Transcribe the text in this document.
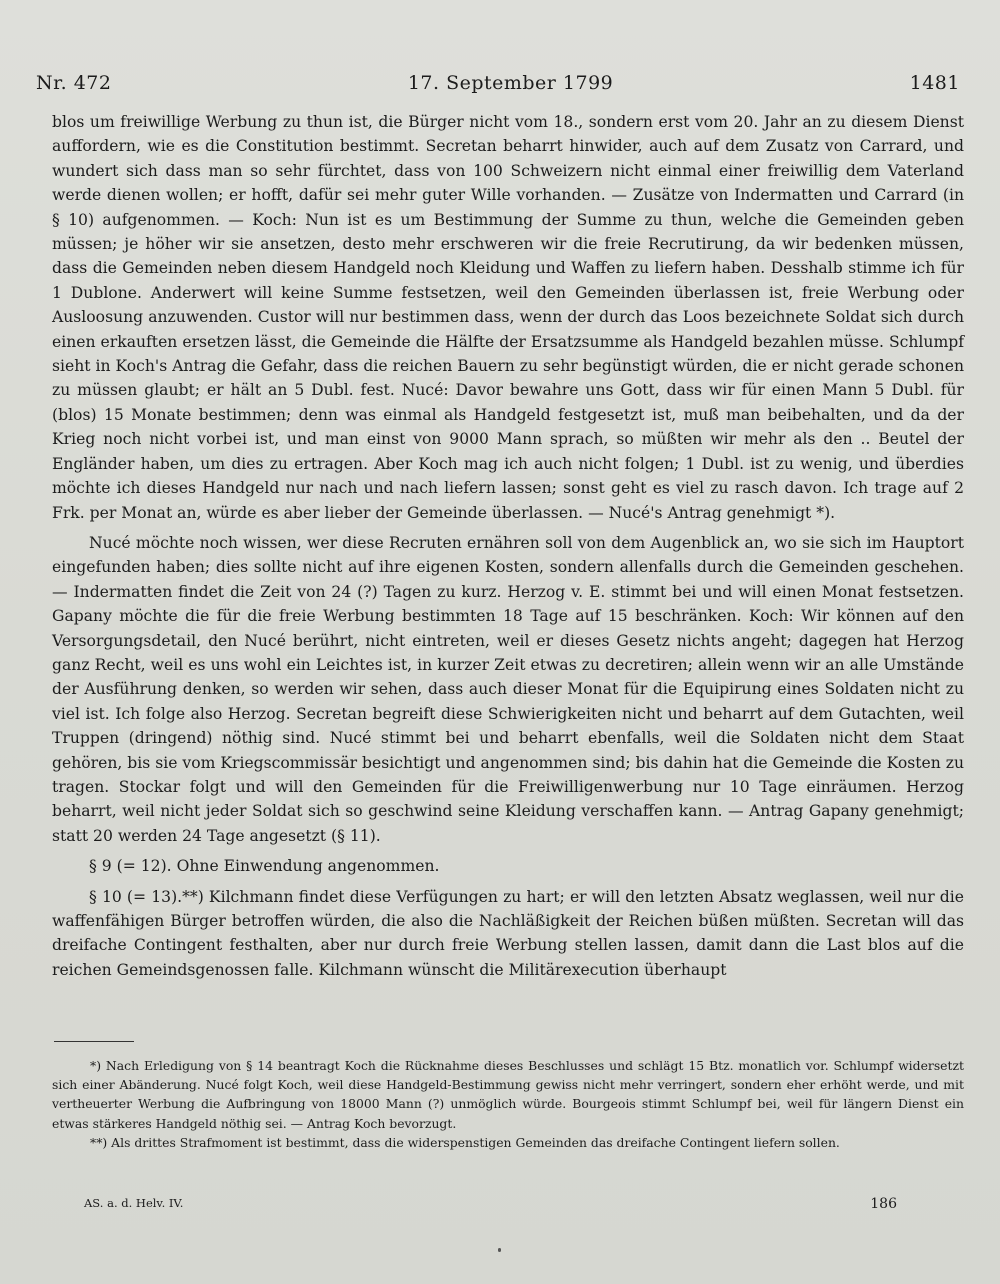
Nr. 472	17. September 1799	1481

blos um freiwillige Werbung zu thun ist, die Bürger nicht vom 18., sondern erst vom 20. Jahr an zu diesem Dienst auffordern, wie es die Constitution bestimmt. Secretan beharrt hinwider, auch auf dem Zusatz von Carrard, und wundert sich dass man so sehr fürchtet, dass von 100 Schweizern nicht einmal einer freiwillig dem Vaterland werde dienen wollen; er hofft, dafür sei mehr guter Wille vorhanden. — Zusätze von Indermatten und Carrard (in § 10) aufgenommen. — Koch: Nun ist es um Bestimmung der Summe zu thun, welche die Gemeinden geben müssen; je höher wir sie ansetzen, desto mehr erschweren wir die freie Recrutirung, da wir bedenken müssen, dass die Gemeinden neben diesem Handgeld noch Kleidung und Waffen zu liefern haben. Desshalb stimme ich für 1 Dublone. Anderwert will keine Summe festsetzen, weil den Gemeinden überlassen ist, freie Werbung oder Ausloosung anzuwenden. Custor will nur bestimmen dass, wenn der durch das Loos bezeichnete Soldat sich durch einen erkauften ersetzen lässt, die Gemeinde die Hälfte der Ersatzsumme als Handgeld bezahlen müsse. Schlumpf sieht in Koch's Antrag die Gefahr, dass die reichen Bauern zu sehr begünstigt würden, die er nicht gerade schonen zu müssen glaubt; er hält an 5 Dubl. fest. Nucé: Davor bewahre uns Gott, dass wir für einen Mann 5 Dubl. für (blos) 15 Monate bestimmen; denn was einmal als Handgeld festgesetzt ist, muß man beibehalten, und da der Krieg noch nicht vorbei ist, und man einst von 9000 Mann sprach, so müßten wir mehr als den .. Beutel der Engländer haben, um dies zu ertragen. Aber Koch mag ich auch nicht folgen; 1 Dubl. ist zu wenig, und überdies möchte ich dieses Handgeld nur nach und nach liefern lassen; sonst geht es viel zu rasch davon. Ich trage auf 2 Frk. per Monat an, würde es aber lieber der Gemeinde überlassen. — Nucé's Antrag genehmigt *).

Nucé möchte noch wissen, wer diese Recruten ernähren soll von dem Augenblick an, wo sie sich im Hauptort eingefunden haben; dies sollte nicht auf ihre eigenen Kosten, sondern allenfalls durch die Gemeinden geschehen. — Indermatten findet die Zeit von 24 (?) Tagen zu kurz. Herzog v. E. stimmt bei und will einen Monat festsetzen. Gapany möchte die für die freie Werbung bestimmten 18 Tage auf 15 beschränken. Koch: Wir können auf den Versorgungsdetail, den Nucé berührt, nicht eintreten, weil er dieses Gesetz nichts angeht; dagegen hat Herzog ganz Recht, weil es uns wohl ein Leichtes ist, in kurzer Zeit etwas zu decretiren; allein wenn wir an alle Umstände der Ausführung denken, so werden wir sehen, dass auch dieser Monat für die Equipirung eines Soldaten nicht zu viel ist. Ich folge also Herzog. Secretan begreift diese Schwierigkeiten nicht und beharrt auf dem Gutachten, weil Truppen (dringend) nöthig sind. Nucé stimmt bei und beharrt ebenfalls, weil die Soldaten nicht dem Staat gehören, bis sie vom Kriegscommissär besichtigt und angenommen sind; bis dahin hat die Gemeinde die Kosten zu tragen. Stockar folgt und will den Gemeinden für die Freiwilligenwerbung nur 10 Tage einräumen. Herzog beharrt, weil nicht jeder Soldat sich so geschwind seine Kleidung verschaffen kann. — Antrag Gapany genehmigt; statt 20 werden 24 Tage angesetzt (§ 11).

§ 9 (= 12). Ohne Einwendung angenommen.

§ 10 (= 13).**) Kilchmann findet diese Verfügungen zu hart; er will den letzten Absatz weglassen, weil nur die waffenfähigen Bürger betroffen würden, die also die Nachläßigkeit der Reichen büßen müßten. Secretan will das dreifache Contingent festhalten, aber nur durch freie Werbung stellen lassen, damit dann die Last blos auf die reichen Gemeindsgenossen falle. Kilchmann wünscht die Militärexecution überhaupt

*) Nach Erledigung von § 14 beantragt Koch die Rücknahme dieses Beschlusses und schlägt 15 Btz. monatlich vor. Schlumpf widersetzt sich einer Abänderung. Nucé folgt Koch, weil diese Handgeld-Bestimmung gewiss nicht mehr verringert, sondern eher erhöht werde, und mit vertheuerter Werbung die Aufbringung von 18000 Mann (?) unmöglich würde. Bourgeois stimmt Schlumpf bei, weil für längern Dienst ein etwas stärkeres Handgeld nöthig sei. — Antrag Koch bevorzugt.

**) Als drittes Strafmoment ist bestimmt, dass die widerspenstigen Gemeinden das dreifache Contingent liefern sollen.

AS. a. d. Helv. IV.	186
